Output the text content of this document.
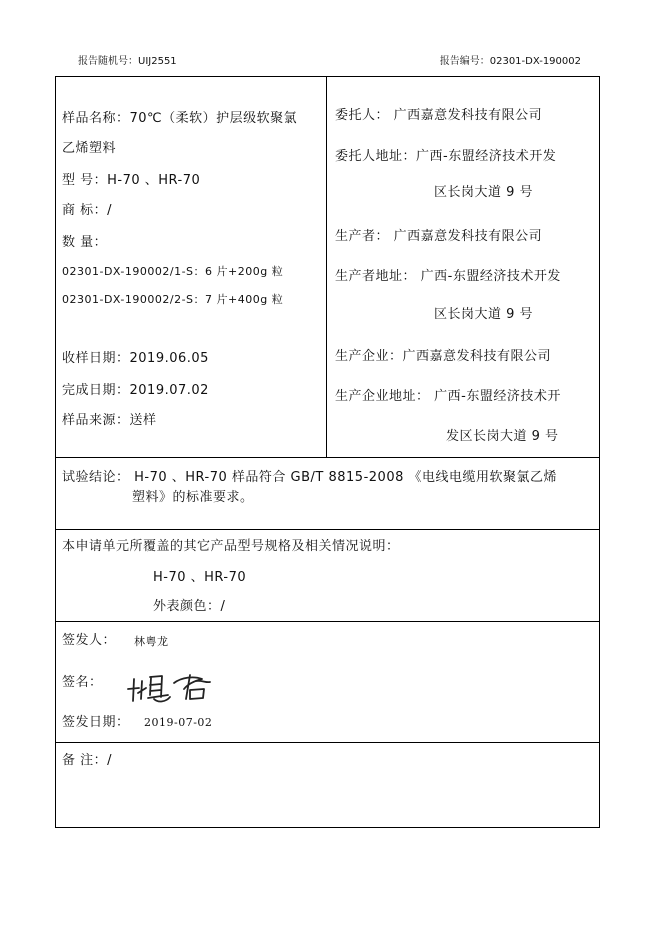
报告随机号：UIJ2551	报告编号：02301-DX-190002
样品名称：70℃（柔软）护层级软聚氯
乙烯塑料
型 号：H-70 、HR-70
商 标：/
数 量：
02301-DX-190002/1-S：6 片+200g 粒
02301-DX-190002/2-S：7 片+400g 粒
收样日期：2019.06.05
完成日期：2019.07.02
样品来源：送样
委托人： 广西嘉意发科技有限公司
委托人地址：广西-东盟经济技术开发
区长岗大道 9 号
生产者： 广西嘉意发科技有限公司
生产者地址： 广西-东盟经济技术开发
区长岗大道 9 号
生产企业：广西嘉意发科技有限公司
生产企业地址： 广西-东盟经济技术开
发区长岗大道 9 号
试验结论： H-70 、HR-70 样品符合 GB/T 8815-2008 《电线电缆用软聚氯乙烯
塑料》的标准要求。
本申请单元所覆盖的其它产品型号规格及相关情况说明：
H-70 、HR-70
外表颜色：/
签发人： 林粤龙
签名：
签发日期： 2019-07-02
备 注：/
